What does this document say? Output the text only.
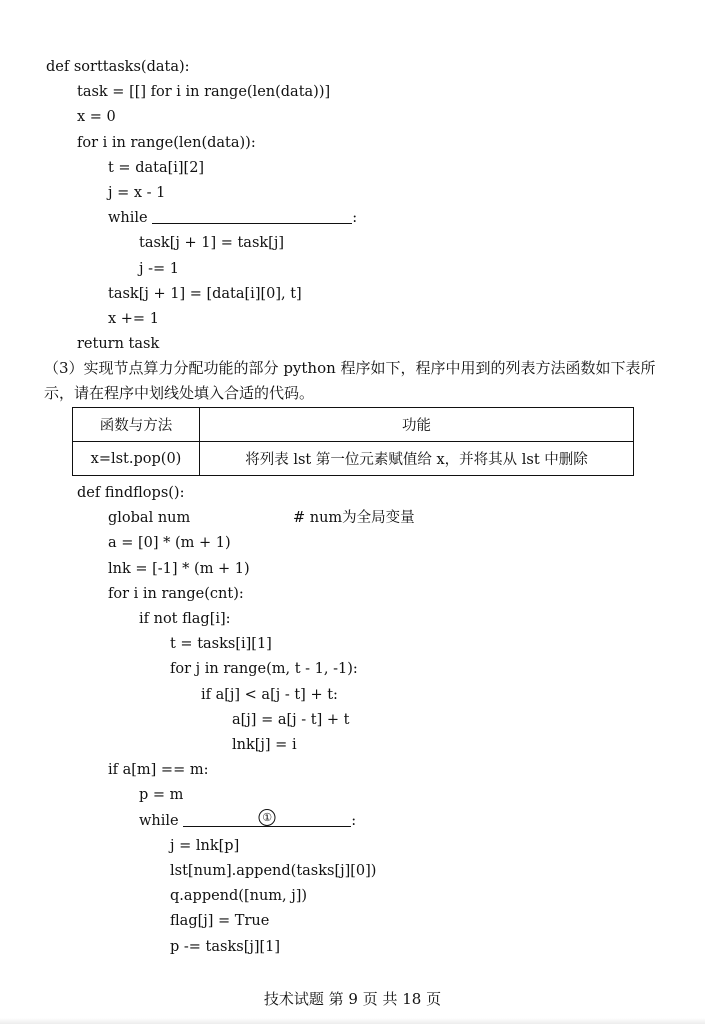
def sorttasks(data):
task = [[] for i in range(len(data))]
x = 0
for i in range(len(data)):
t = data[i][2]
j = x - 1
while	:
task[j + 1] = task[j]
j -= 1
task[j + 1] = [data[i][0], t]
x += 1
return task
（3）实现节点算力分配功能的部分 python 程序如下，程序中用到的列表方法函数如下表所
示，请在程序中划线处填入合适的代码。
函数与方法	功能
x=lst.pop(0)	将列表 lst 第一位元素赋值给 x，并将其从 lst 中删除
def findflops():
global num	# num为全局变量
a = [0] * (m + 1)
lnk = [-1] * (m + 1)
for i in range(cnt):
if not flag[i]:
t = tasks[i][1]
for j in range(m, t - 1, -1):
if a[j] < a[j - t] + t:
a[j] = a[j - t] + t
lnk[j] = i
if a[m] == m:
p = m
while	①	:
j = lnk[p]
lst[num].append(tasks[j][0])
q.append([num, j])
flag[j] = True
p -= tasks[j][1]
技术试题 第 9 页 共 18 页
